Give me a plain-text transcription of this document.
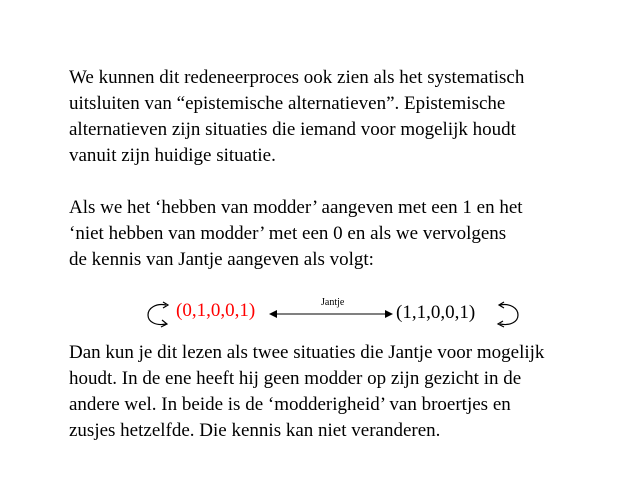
We kunnen dit redeneerproces ook zien als het systematisch
uitsluiten van “epistemische alternatieven”. Epistemische
alternatieven zijn situaties die iemand voor mogelijk houdt
vanuit zijn huidige situatie.

Als we het ‘hebben van modder’ aangeven met een 1 en het
‘niet hebben van modder’ met een 0 en als we vervolgens
de kennis van Jantje aangeven als volgt:

(0,1,0,0,1)	Jantje	(1,1,0,0,1)

Dan kun je dit lezen als twee situaties die Jantje voor mogelijk
houdt. In de ene heeft hij geen modder op zijn gezicht in de
andere wel. In beide is de ‘modderigheid’ van broertjes en
zusjes hetzelfde. Die kennis kan niet veranderen.
